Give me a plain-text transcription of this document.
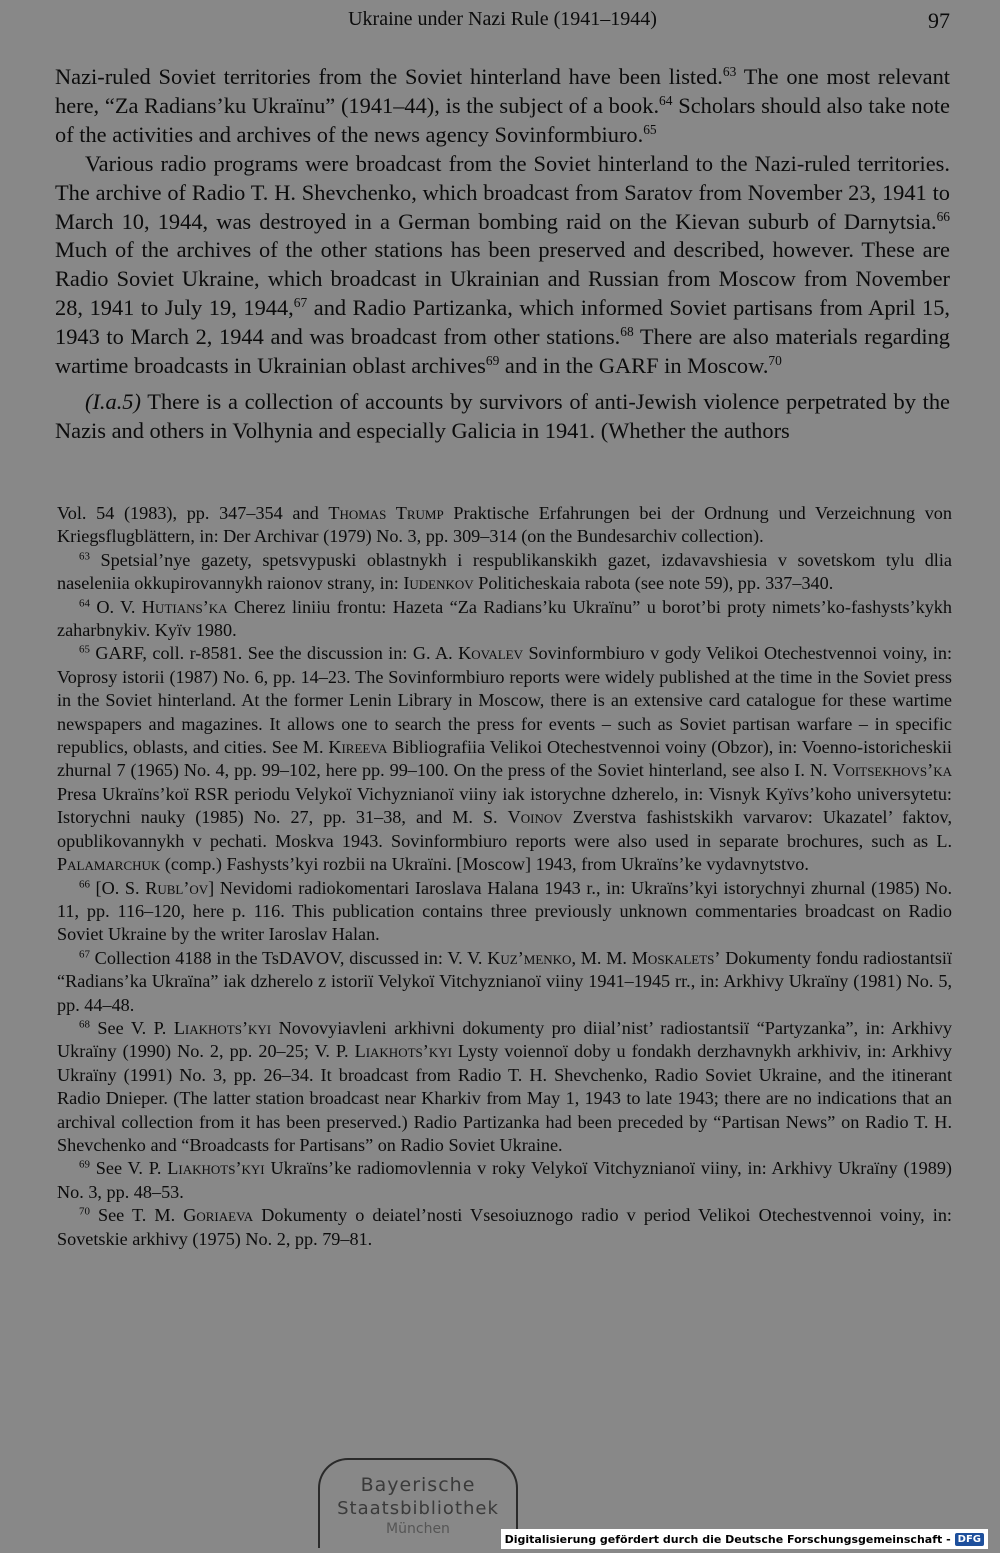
Ukraine under Nazi Rule (1941–1944)	97

Nazi-ruled Soviet territories from the Soviet hinterland have been listed.$^{63}$ The one most relevant here, “Za Radians’ku Ukraïnu” (1941–44), is the subject of a book.$^{64}$ Scholars should also take note of the activities and archives of the news agency Sovinformbiuro.$^{65}$

Various radio programs were broadcast from the Soviet hinterland to the Nazi-ruled territories. The archive of Radio T. H. Shevchenko, which broadcast from Saratov from November 23, 1941 to March 10, 1944, was destroyed in a German bombing raid on the Kievan suburb of Darnytsia.$^{66}$ Much of the archives of the other stations has been preserved and described, however. These are Radio Soviet Ukraine, which broadcast in Ukrainian and Russian from Moscow from November 28, 1941 to July 19, 1944,67 and Radio Partizanka, which informed Soviet partisans from April 15, 1943 to March 2, 1944 and was broadcast from other stations.$^{68}$ There are also materials regarding wartime broadcasts in Ukrainian oblast archives$^{69}$ and in the GARF in Moscow.$^{70}$

(I.a.5) There is a collection of accounts by survivors of anti-Jewish violence perpetrated by the Nazis and others in Volhynia and especially Galicia in 1941. (Whether the authors

Vol. 54 (1983), pp. 347–354 and Thomas Trump Praktische Erfahrungen bei der Ordnung und Verzeichnung von Kriegsflugblättern, in: Der Archivar (1979) No. 3, pp. 309–314 (on the Bundesarchiv collection).

$^{63}$ Spetsial’nye gazety, spetsvypuski oblastnykh i respublikanskikh gazet, izdavavshiesia v sovetskom tylu dlia naseleniia okkupirovannykh raionov strany, in: Iudenkov Politicheskaia rabota (see note 59), pp. 337–340.

$^{64}$ O. V. Hutians’ka Cherez liniiu frontu: Hazeta “Za Radians’ku Ukraïnu” u borot’bi proty nimets’ko-fashysts’kykh zaharbnykiv. Kyïv 1980.

$^{65}$ GARF, coll. r-8581. See the discussion in: G. A. Kovalev Sovinformbiuro v gody Velikoi Otechestvennoi voiny, in: Voprosy istorii (1987) No. 6, pp. 14–23. The Sovinformbiuro reports were widely published at the time in the Soviet press in the Soviet hinterland. At the former Lenin Library in Moscow, there is an extensive card catalogue for these wartime newspapers and magazines. It allows one to search the press for events – such as Soviet partisan warfare – in specific republics, oblasts, and cities. See M. Kireeva Bibliografiia Velikoi Otechestvennoi voiny (Obzor), in: Voenno-istoricheskii zhurnal 7 (1965) No. 4, pp. 99–102, here pp. 99–100. On the press of the Soviet hinterland, see also I. N. Voitsekhovs’ka Presa Ukraïns’koï RSR periodu Velykoï Vichyznianoï viiny iak istorychne dzherelo, in: Visnyk Kyïvs’koho universytetu: Istorychni nauky (1985) No. 27, pp. 31–38, and M. S. Voinov Zverstva fashistskikh varvarov: Ukazatel’ faktov, opublikovannykh v pechati. Moskva 1943. Sovinformbiuro reports were also used in separate brochures, such as L. Palamarchuk (comp.) Fashysts’kyi rozbii na Ukraïni. [Moscow] 1943, from Ukraïns’ke vydavnytstvo.

$^{66}$ [O. S. Rubl’ov] Nevidomi radiokomentari Iaroslava Halana 1943 r., in: Ukraïns’kyi istorychnyi zhurnal (1985) No. 11, pp. 116–120, here p. 116. This publication contains three previously unknown commentaries broadcast on Radio Soviet Ukraine by the writer Iaroslav Halan.

$^{67}$ Collection 4188 in the TsDAVOV, discussed in: V. V. Kuz’menko, M. M. Moskalets’ Dokumenty fondu radiostantsiï “Radians’ka Ukraïna” iak dzherelo z istoriï Velykoï Vitchyznianoï viiny 1941–1945 rr., in: Arkhivy Ukraïny (1981) No. 5, pp. 44–48.

$^{68}$ See V. P. Liakhots’kyi Novovyiavleni arkhivni dokumenty pro diial’nist’ radiostantsiï “Partyzanka”, in: Arkhivy Ukraïny (1990) No. 2, pp. 20–25; V. P. Liakhots’kyi Lysty voiennoï doby u fondakh derzhavnykh arkhiviv, in: Arkhivy Ukraïny (1991) No. 3, pp. 26–34. It broadcast from Radio T. H. Shevchenko, Radio Soviet Ukraine, and the itinerant Radio Dnieper. (The latter station broadcast near Kharkiv from May 1, 1943 to late 1943; there are no indications that an archival collection from it has been preserved.) Radio Partizanka had been preceded by “Partisan News” on Radio T. H. Shevchenko and “Broadcasts for Partisans” on Radio Soviet Ukraine.

$^{69}$ See V. P. Liakhots’kyi Ukraïns’ke radiomovlennia v roky Velykoï Vitchyznianoï viiny, in: Arkhivy Ukraïny (1989) No. 3, pp. 48–53.

$^{70}$ See T. M. Goriaeva Dokumenty o deiatel’nosti Vsesoiuznogo radio v period Velikoi Otechestvennoi voiny, in: Sovetskie arkhivy (1975) No. 2, pp. 79–81.

Bayerische
Staatsbibliothek
München
Digitalisierung gefördert durch die Deutsche Forschungsgemeinschaft - DFG
